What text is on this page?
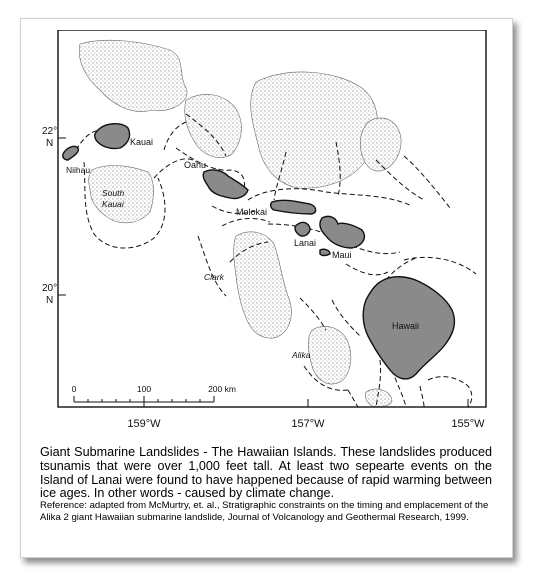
22°
N
20°
N
159°W	157°W	155°W
Niihau
Kauai
Oahu
Molokai
Lanai
Maui
Hawaii
South
Kauai
Clark
Alika
0	100	200 km
Giant Submarine Landslides - The Hawaiian Islands. These landslides produced tsunamis that were over 1,000 feet tall. At least two sepearte events on the Island of Lanai were found to have happened because of rapid warming between ice ages. In other words - caused by climate change.
Reference: adapted from McMurtry, et. al., Stratigraphic constraints on the timing and emplacement of the Alika 2 giant Hawaiian submarine landslide, Journal of Volcanology and Geothermal Research, 1999.
